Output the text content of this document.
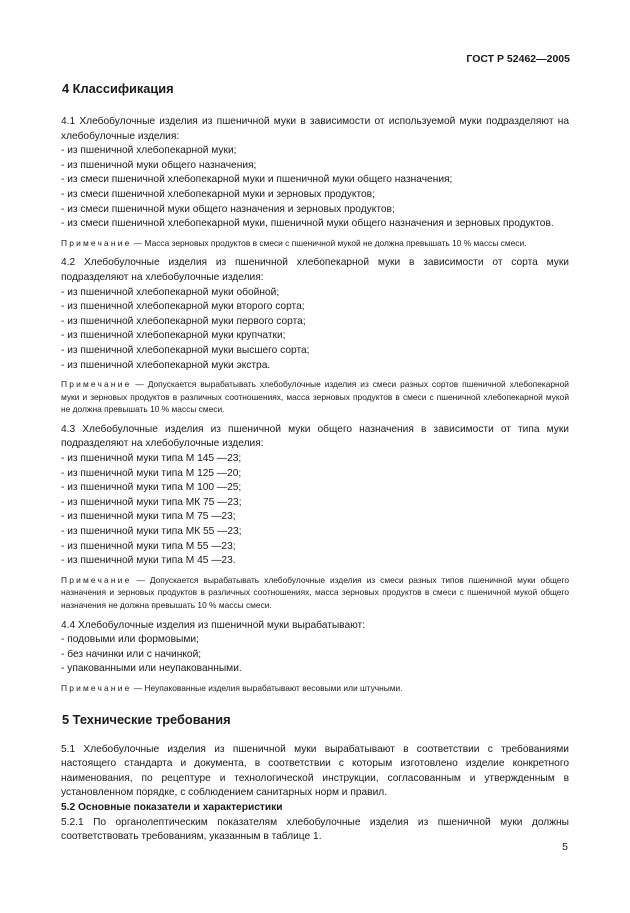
ГОСТ Р 52462—2005
4 Классификация

4.1 Хлебобулочные изделия из пшеничной муки в зависимости от используемой муки подразделяют на хлебобулочные изделия:

- из пшеничной хлебопекарной муки;

- из пшеничной муки общего назначения;

- из смеси пшеничной хлебопекарной муки и пшеничной муки общего назначения;

- из смеси пшеничной хлебопекарной муки и зерновых продуктов;

- из смеси пшеничной муки общего назначения и зерновых продуктов;

- из смеси пшеничной хлебопекарной муки, пшеничной муки общего назначения и зерновых продуктов.

Примечание — Масса зерновых продуктов в смеси с пшеничной мукой не должна превышать 10 % массы смеси.

4.2 Хлебобулочные изделия из пшеничной хлебопекарной муки в зависимости от сорта муки подразделяют на хлебобулочные изделия:

- из пшеничной хлебопекарной муки обойной;

- из пшеничной хлебопекарной муки второго сорта;

- из пшеничной хлебопекарной муки первого сорта;

- из пшеничной хлебопекарной муки крупчатки;

- из пшеничной хлебопекарной муки высшего сорта;

- из пшеничной хлебопекарной муки экстра.

Примечание — Допускается вырабатывать хлебобулочные изделия из смеси разных сортов пшеничной хлебопекарной муки и зерновых продуктов в различных соотношениях, масса зерновых продуктов в смеси с пшеничной хлебопекарной мукой не должна превышать 10 % массы смеси.

4.3 Хлебобулочные изделия из пшеничной муки общего назначения в зависимости от типа муки подразделяют на хлебобулочные изделия:

- из пшеничной муки типа М 145 —23;

- из пшеничной муки типа М 125 —20;

- из пшеничной муки типа М 100 —25;

- из пшеничной муки типа МК 75 —23;

- из пшеничной муки типа М 75 —23;

- из пшеничной муки типа МК 55 —23;

- из пшеничной муки типа М 55 —23;

- из пшеничной муки типа М 45 —23.

Примечание — Допускается вырабатывать хлебобулочные изделия из смеси разных типов пшеничной муки общего назначения и зерновых продуктов в различных соотношениях, масса зерновых продуктов в смеси с пшеничной мукой общего назначения не должна превышать 10 % массы смеси.

4.4 Хлебобулочные изделия из пшеничной муки вырабатывают:

- подовыми или формовыми;

- без начинки или с начинкой;

- упакованными или неупакованными.

Примечание — Неупакованные изделия вырабатывают весовыми или штучными.

5 Технические требования

5.1 Хлебобулочные изделия из пшеничной муки вырабатывают в соответствии с требованиями настоящего стандарта и документа, в соответствии с которым изготовлено изделие конкретного наименования, по рецептуре и технологической инструкции, согласованным и утвержденным в установленном порядке, с соблюдением санитарных норм и правил.

5.2 Основные показатели и характеристики

5.2.1 По органолептическим показателям хлебобулочные изделия из пшеничной муки должны соответствовать требованиям, указанным в таблице 1.

5
